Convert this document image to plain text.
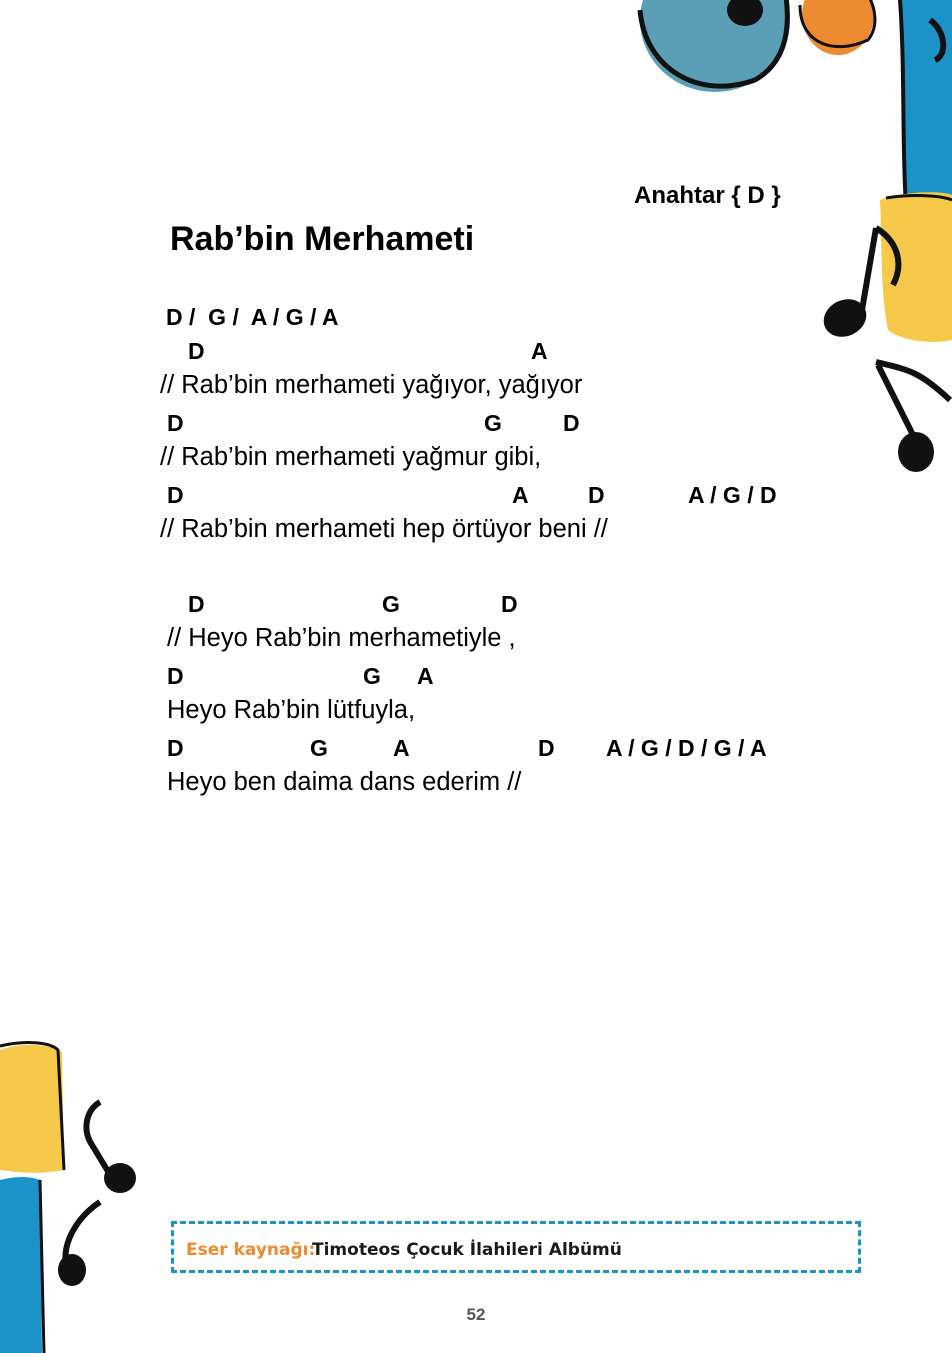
Anahtar { D }
Rab’bin Merhameti
D /  G /  A / G / A

D

	A

// Rab’bin merhameti yağıyor, yağıyor

D

	G

	D

// Rab’bin merhameti yağmur gibi,

D

	A

	D

	A / G / D

// Rab’bin merhameti hep örtüyor beni //

D

	G

	D

// Heyo Rab’bin merhametiyle ,

D

	G

A

Heyo Rab’bin lütfuyla,

D

	G

	A

	D

A / G / D / G / A

Heyo ben daima dans ederim //
Eser kaynağı:
Timoteos Çocuk İlahileri Albümü
52
